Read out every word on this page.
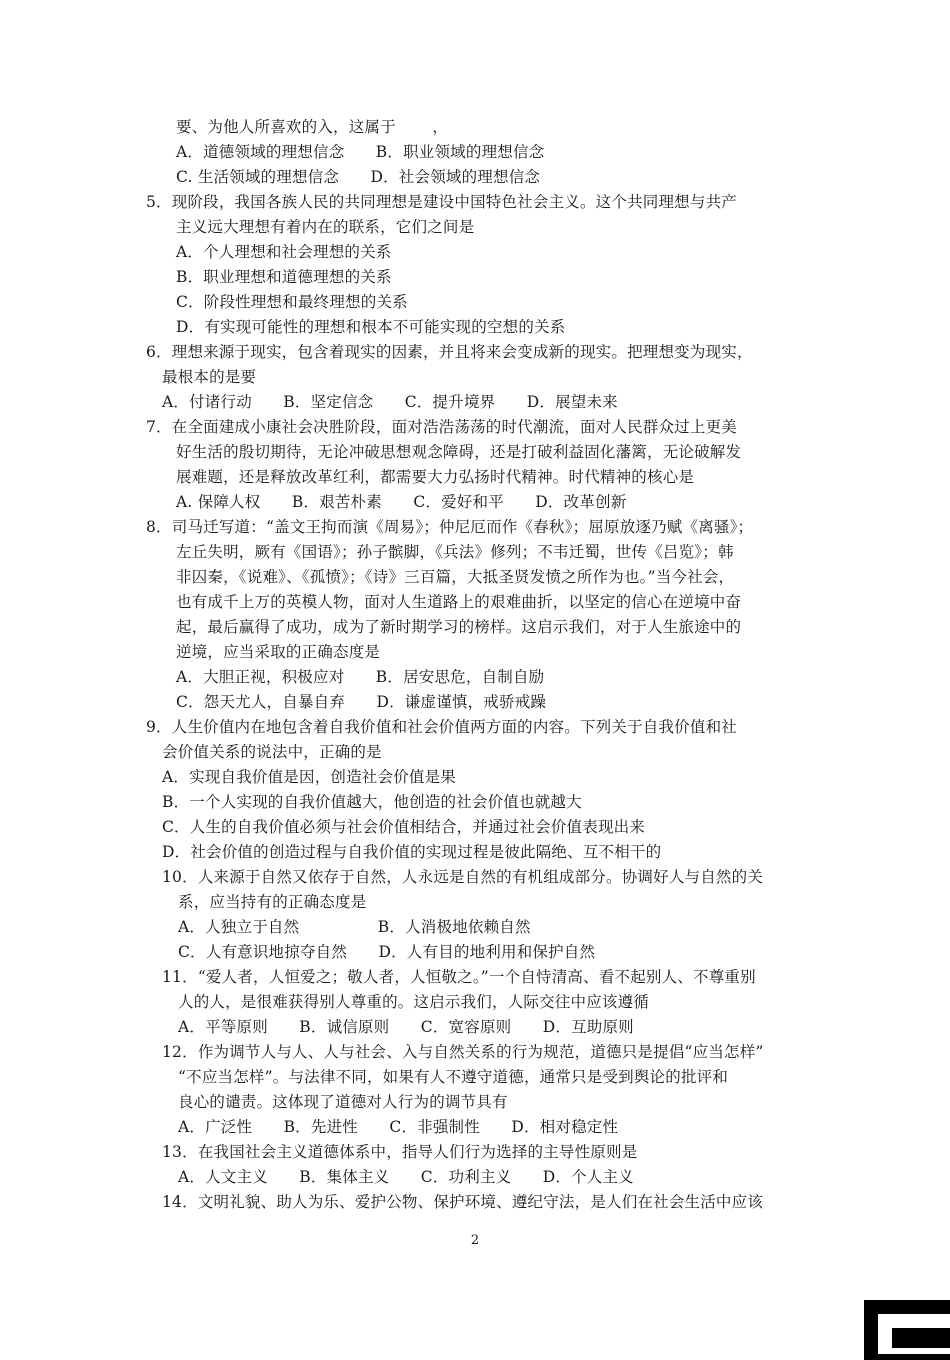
要、为他人所喜欢的入，这属于 　　，
A．道德领域的理想信念　　B．职业领域的理想信念
C. 生活领域的理想信念　　D．社会领域的理想信念
5．现阶段，我国各族人民的共同理想是建设中国特色社会主义。这个共同理想与共产
主义远大理想有着内在的联系，它们之间是
A．个人理想和社会理想的关系
B．职业理想和道德理想的关系
C．阶段性理想和最终理想的关系
D．有实现可能性的理想和根本不可能实现的空想的关系
6．理想来源于现实，包含着现实的因素，并且将来会变成新的现实。把理想变为现实，
最根本的是要
A．付诸行动　　B．坚定信念　　C．提升境界　　D．展望未来
7．在全面建成小康社会决胜阶段，面对浩浩荡荡的时代潮流，面对人民群众过上更美
好生活的殷切期待，无论冲破思想观念障碍，还是打破利益固化藩篱，无论破解发
展难题，还是释放改革红利，都需要大力弘扬时代精神。时代精神的核心是
A. 保障人权　　B．艰苦朴素　　C．爱好和平　　D．改革创新
8．司马迁写道：“盖文王拘而演《周易》；仲尼厄而作《春秋》；屈原放逐乃赋《离骚》；
左丘失明，厥有《国语》；孙子髌脚，《兵法》修列；不韦迁蜀，世传《吕览》；韩
非囚秦，《说难》、《孤愤》；《诗》三百篇，大抵圣贤发愤之所作为也。”当今社会，
也有成千上万的英模人物，面对人生道路上的艰难曲折，以坚定的信心在逆境中奋
起，最后赢得了成功，成为了新时期学习的榜样。这启示我们，对于人生旅途中的
逆境，应当采取的正确态度是
A．大胆正视，积极应对　　B．居安思危，自制自励
C．怨天尤人，自暴自弃　　D．谦虚谨慎，戒骄戒躁
9．人生价值内在地包含着自我价值和社会价值两方面的内容。下列关于自我价值和社
会价值关系的说法中，正确的是
A．实现自我价值是因，创造社会价值是果
B．一个人实现的自我价值越大，他创造的社会价值也就越大
C．人生的自我价值必须与社会价值相结合，并通过社会价值表现出来
D．社会价值的创造过程与自我价值的实现过程是彼此隔绝、互不相干的
10．人来源于自然又依存于自然，人永远是自然的有机组成部分。协调好人与自然的关
系，应当持有的正确态度是
A．人独立于自然　　　　　B．人消极地依赖自然
C．人有意识地掠夺自然　　D．人有目的地利用和保护自然
11．“爱人者，人恒爱之；敬人者，人恒敬之。”一个自恃清高、看不起别人、不尊重别
人的人，是很难获得别人尊重的。这启示我们，人际交往中应该遵循
A．平等原则　　B．诚信原则　　C．宽容原则　　D．互助原则
12．作为调节人与人、人与社会、入与自然关系的行为规范，道德只是提倡“应当怎样”
“不应当怎样”。与法律不同，如果有人不遵守道德，通常只是受到舆论的批评和
良心的谴责。这体现了道德对人行为的调节具有
A．广泛性　　B．先进性　　C．非强制性　　D．相对稳定性
13．在我国社会主义道德体系中，指导人们行为选择的主导性原则是
A．人文主义　　B．集体主义　　C．功利主义　　D．个人主义
14．文明礼貌、助人为乐、爱护公物、保护环境、遵纪守法，是人们在社会生活中应该
2
